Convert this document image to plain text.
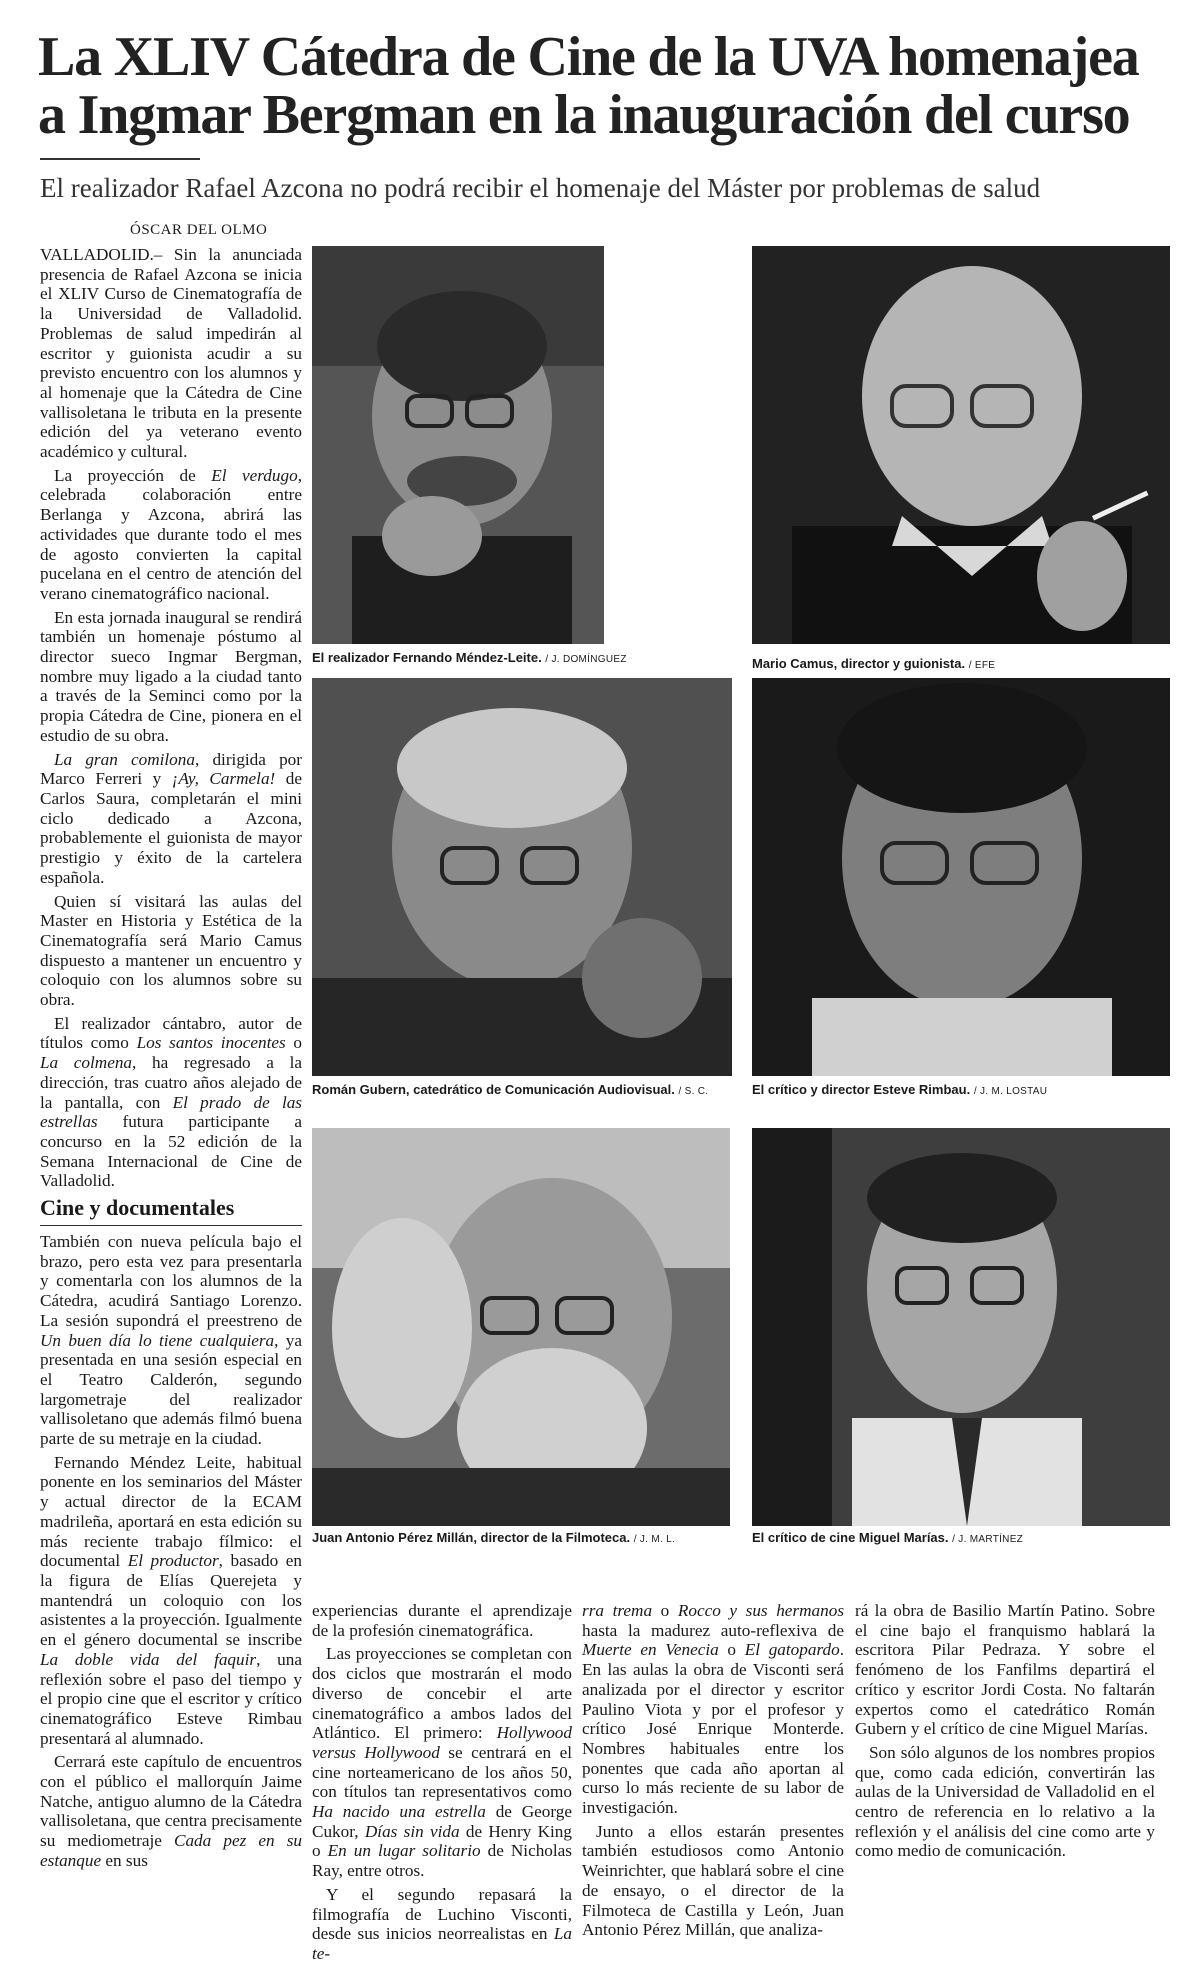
La XLIV Cátedra de Cine de la UVA homenajea
a Ingmar Bergman en la inauguración del curso

El realizador Rafael Azcona no podrá recibir el homenaje del Máster por problemas de salud

ÓSCAR DEL OLMO

VALLADOLID.– Sin la anunciada presencia de Rafael Azcona se inicia el XLIV Curso de Cinematografía de la Universidad de Valladolid. Problemas de salud impedirán al escritor y guionista acudir a su previsto encuentro con los alumnos y al homenaje que la Cátedra de Cine vallisoletana le tributa en la presente edición del ya veterano evento académico y cultural.

La proyección de El verdugo, celebrada colaboración entre Berlanga y Azcona, abrirá las actividades que durante todo el mes de agosto convierten la capital pucelana en el centro de atención del verano cinematográfico nacional.

En esta jornada inaugural se rendirá también un homenaje póstumo al director sueco Ingmar Bergman, nombre muy ligado a la ciudad tanto a través de la Seminci como por la propia Cátedra de Cine, pionera en el estudio de su obra.

La gran comilona, dirigida por Marco Ferreri y ¡Ay, Carmela! de Carlos Saura, completarán el mini ciclo dedicado a Azcona, probablemente el guionista de mayor prestigio y éxito de la cartelera española.

Quien sí visitará las aulas del Master en Historia y Estética de la Cinematografía será Mario Camus dispuesto a mantener un encuentro y coloquio con los alumnos sobre su obra.

El realizador cántabro, autor de títulos como Los santos inocentes o La colmena, ha regresado a la dirección, tras cuatro años alejado de la pantalla, con El prado de las estrellas futura participante a concurso en la 52 edición de la Semana Internacional de Cine de Valladolid.

Cine y documentales

También con nueva película bajo el brazo, pero esta vez para presentarla y comentarla con los alumnos de la Cátedra, acudirá Santiago Lorenzo. La sesión supondrá el preestreno de Un buen día lo tiene cualquiera, ya presentada en una sesión especial en el Teatro Calderón, segundo largometraje del realizador vallisoletano que además filmó buena parte de su metraje en la ciudad.

Fernando Méndez Leite, habitual ponente en los seminarios del Máster y actual director de la ECAM madrileña, aportará en esta edición su más reciente trabajo fílmico: el documental El productor, basado en la figura de Elías Querejeta y mantendrá un coloquio con los asistentes a la proyección. Igualmente en el género documental se inscribe La doble vida del faquir, una reflexión sobre el paso del tiempo y el propio cine que el escritor y crítico cinematográfico Esteve Rimbau presentará al alumnado.

Cerrará este capítulo de encuentros con el público el mallorquín Jaime Natche, antiguo alumno de la Cátedra vallisoletana, que centra precisamente su mediometraje Cada pez en su estanque en sus

El realizador Fernando Méndez-Leite. / J. DOMÍNGUEZ	Mario Camus, director y guionista. / EFE
Román Gubern, catedrático de Comunicación Audiovisual. / S. C.	El crítico y director Esteve Rimbau. / J. M. LOSTAU
Juan Antonio Pérez Millán, director de la Filmoteca. / J. M. L.	El crítico de cine Miguel Marías. / J. MARTÍNEZ

experiencias durante el aprendizaje de la profesión cinematográfica.

Las proyecciones se completan con dos ciclos que mostrarán el modo diverso de concebir el arte cinematográfico a ambos lados del Atlántico. El primero: Hollywood versus Hollywood se centrará en el cine norteamericano de los años 50, con títulos tan representativos como Ha nacido una estrella de George Cukor, Días sin vida de Henry King o En un lugar solitario de Nicholas Ray, entre otros.

Y el segundo repasará la filmografía de Luchino Visconti, desde sus inicios neorrealistas en La te-

rra trema o Rocco y sus hermanos hasta la madurez auto-reflexiva de Muerte en Venecia o El gatopardo. En las aulas la obra de Visconti será analizada por el director y escritor Paulino Viota y por el profesor y crítico José Enrique Monterde. Nombres habituales entre los ponentes que cada año aportan al curso lo más reciente de su labor de investigación.

Junto a ellos estarán presentes también estudiosos como Antonio Weinrichter, que hablará sobre el cine de ensayo, o el director de la Filmoteca de Castilla y León, Juan Antonio Pérez Millán, que analiza-

rá la obra de Basilio Martín Patino. Sobre el cine bajo el franquismo hablará la escritora Pilar Pedraza. Y sobre el fenómeno de los Fanfilms departirá el crítico y escritor Jordi Costa. No faltarán expertos como el catedrático Román Gubern y el crítico de cine Miguel Marías.

Son sólo algunos de los nombres propios que, como cada edición, convertirán las aulas de la Universidad de Valladolid en el centro de referencia en lo relativo a la reflexión y el análisis del cine como arte y como medio de comunicación.
